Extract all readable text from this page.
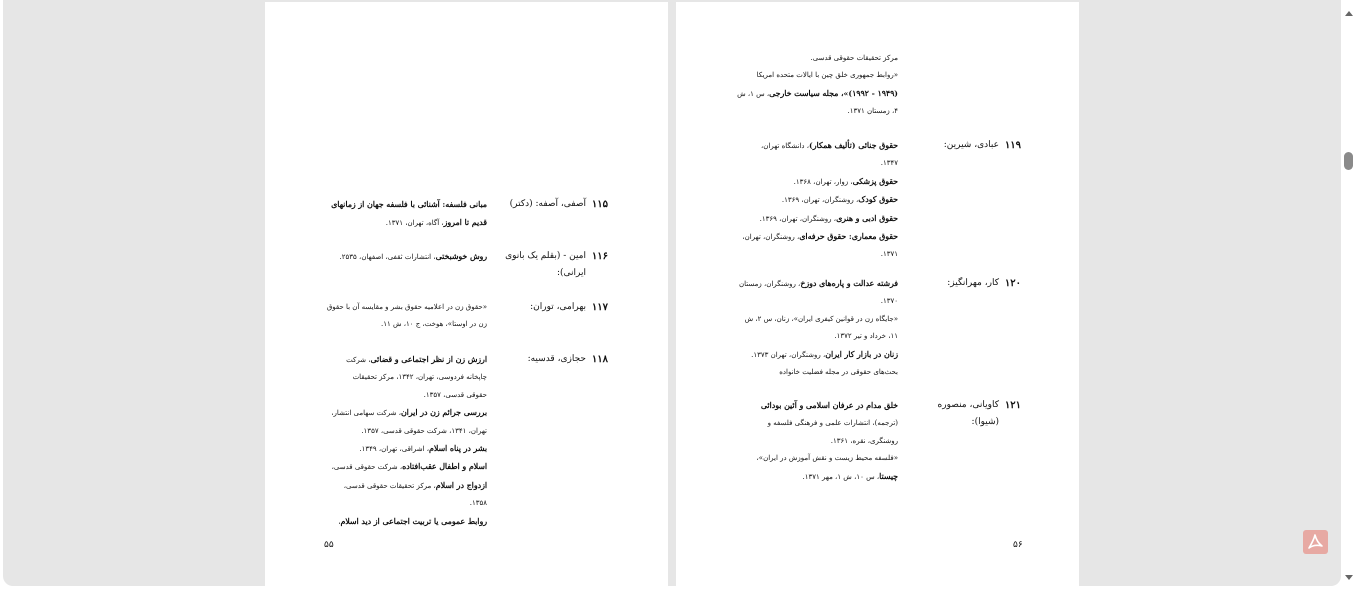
۱۱۵
آصفی، آصفه: (دکتر)
مبانی فلسفه: آشنائی با فلسفه جهان از زمانهای
قدیم تا امروز، آگاه، تهران، ۱۳۷۱.
۱۱۶
امین - (بقلم یک بانوی ایرانی):
روش خوشبختی، انتشارات ثقفی، اصفهان، ۲۵۳۵.
۱۱۷
بهرامی، توران:
«حقوق زن در اعلامیه حقوق بشر و مقایسه آن با حقوق
زن در اوستا»، هوخت، ج ۱۰، ش ۱۱.
۱۱۸
حجازی، قدسیه:
ارزش زن از نظر اجتماعی و قضائی، شرکت
چاپخانه فردوسی، تهران، ۱۳۴۲، مرکز تحقیقات
حقوقی قدسی، ۱۳۵۷.
بررسی جرائم زن در ایران، شرکت سهامی انتشار،
تهران، ۱۳۴۱، شرکت حقوقی قدسی، ۱۳۵۷.
بشر در پناه اسلام، اشراقی، تهران، ۱۳۴۹.
اسلام و اطفال عقب‌افتاده، شرکت حقوقی قدسی،
ازدواج در اسلام، مرکز تحقیقات حقوقی قدسی،
۱۳۵۸.
روابط عمومی یا تربیت اجتماعی از دید اسلام،
۵۵
مرکز تحقیقات حقوقی قدسی.
«روابط جمهوری خلق چین با ایالات متحده امریکا
(۱۹۴۹ - ۱۹۹۲)»، مجله سیاست خارجی، س ۱، ش
۴، زمستان ۱۳۷۱.
۱۱۹
عبادی، شیرین:
حقوق جنائی (تألیف همکار)، دانشگاه تهران،
۱۳۴۷.
حقوق پزشکی، زوار، تهران، ۱۳۶۸.
حقوق کودک، روشنگران، تهران، ۱۳۶۹.
حقوق ادبی و هنری، روشنگران، تهران، ۱۳۶۹.
حقوق معماری: حقوق حرفه‌ای، روشنگران، تهران،
۱۳۷۱.
۱۲۰
کار، مهرانگیز:
فرشته عدالت و پاره‌های دوزخ، روشنگران، زمستان
۱۳۷۰.
«جایگاه زن در قوانین کیفری ایران»، زنان، س ۲، ش
۱۱، خرداد و تیر ۱۳۷۲.
زنان در بازار کار ایران، روشنگران، تهران ۱۳۷۳.
بحث‌های حقوقی در مجله فضلیت خانواده
۱۲۱
کاویانی، منصوره (شیوا):
خلق مدام در عرفان اسلامی و آئین بودائی
(ترجمه)، انتشارات علمی و فرهنگی فلسفه و
روشنگری، نقره، ۱۳۶۱.
«فلسفه محیط زیست و نقش آموزش در ایران»،
چیستا، س ۱۰، ش ۱، مهر ۱۳۷۱.
۵۶
